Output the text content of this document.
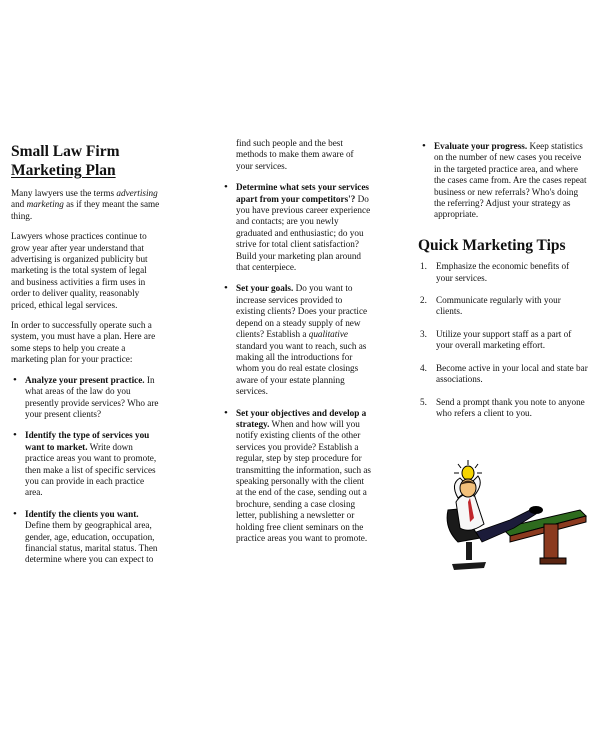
Small Law Firm
Marketing Plan

Many lawyers use the terms advertising and marketing as if they meant the same thing.

Lawyers whose practices continue to grow year after year understand that advertising is organized publicity but marketing is the total system of legal and business activities a firm uses in order to deliver quality, reasonably priced, ethical legal services.

In order to successfully operate such a system, you must have a plan. Here are some steps to help you create a marketing plan for your practice:

• Analyze your present practice. In what areas of the law do you presently provide services? Who are your present clients?
• Identify the type of services you want to market. Write down practice areas you want to promote, then make a list of specific services you can provide in each practice area.
• Identify the clients you want. Define them by geographical area, gender, age, education, occupation, financial status, marital status. Then determine where you can expect to
find such people and the best methods to make them aware of your services.
• Determine what sets your services apart from your competitors'? Do you have previous career experience and contacts; are you newly graduated and enthusiastic; do you strive for total client satisfaction? Build your marketing plan around that centerpiece.
• Set your goals. Do you want to increase services provided to existing clients? Does your practice depend on a steady supply of new clients? Establish a qualitative standard you want to reach, such as making all the introductions for whom you do real estate closings aware of your estate planning services.
• Set your objectives and develop a strategy. When and how will you notify existing clients of the other services you provide? Establish a regular, step by step procedure for transmitting the information, such as speaking personally with the client at the end of the case, sending out a brochure, sending a case closing letter, publishing a newsletter or holding free client seminars on the practice areas you want to promote.
• Evaluate your progress. Keep statistics on the number of new cases you receive in the targeted practice area, and where the cases came from. Are the cases repeat business or new referrals? Who's doing the referring? Adjust your strategy as appropriate.
Quick Marketing Tips
1. Emphasize the economic benefits of your services.
2. Communicate regularly with your clients.
3. Utilize your support staff as a part of your overall marketing effort.
4. Become active in your local and state bar associations.
5. Send a prompt thank you note to anyone who refers a client to you.
